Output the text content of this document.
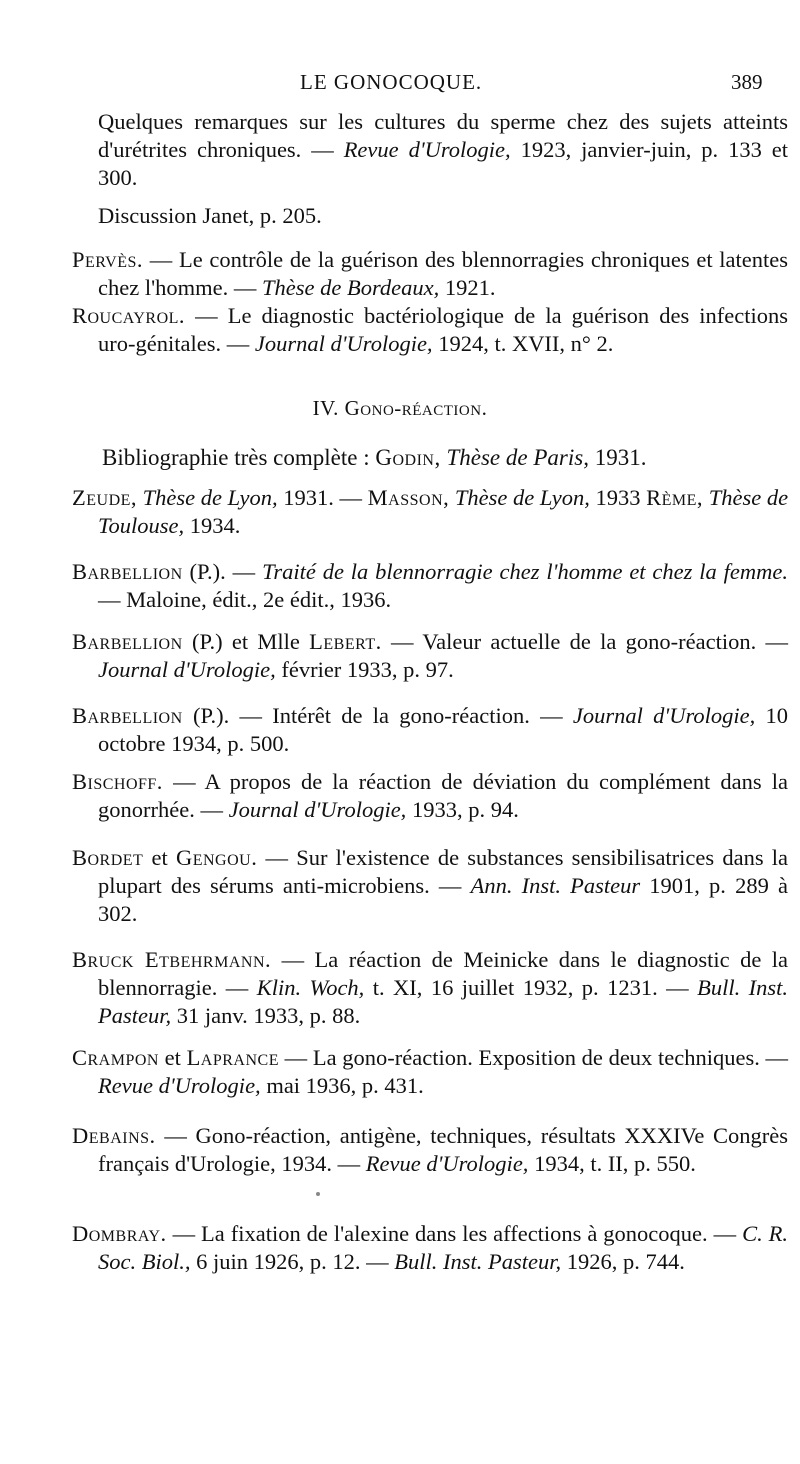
LE GONOCOQUE.	389

Quelques remarques sur les cultures du sperme chez des sujets atteints d'urétrites chroniques. — Revue d'Urologie, 1923, janvier-juin, p. 133 et 300.

Discussion Janet, p. 205.

Pervès. — Le contrôle de la guérison des blennorragies chroniques et latentes chez l'homme. — Thèse de Bordeaux, 1921.

Roucayrol. — Le diagnostic bactériologique de la guérison des infections uro-génitales. — Journal d'Urologie, 1924, t. XVII, n° 2.

IV. Gono-réaction.

Bibliographie très complète : Godin, Thèse de Paris, 1931.

Zeude, Thèse de Lyon, 1931. — Masson, Thèse de Lyon, 1933 Rème, Thèse de Toulouse, 1934.

Barbellion (P.). — Traité de la blennorragie chez l'homme et chez la femme. — Maloine, édit., 2e édit., 1936.

Barbellion (P.) et Mlle Lebert. — Valeur actuelle de la gono-réaction. — Journal d'Urologie, février 1933, p. 97.

Barbellion (P.). — Intérêt de la gono-réaction. — Journal d'Urologie, 10 octobre 1934, p. 500.

Bischoff. — A propos de la réaction de déviation du complément dans la gonorrhée. — Journal d'Urologie, 1933, p. 94.

Bordet et Gengou. — Sur l'existence de substances sensibilisatrices dans la plupart des sérums anti-microbiens. — Ann. Inst. Pasteur 1901, p. 289 à 302.

Bruck Etbehrmann. — La réaction de Meinicke dans le diagnostic de la blennorragie. — Klin. Woch, t. XI, 16 juillet 1932, p. 1231. — Bull. Inst. Pasteur, 31 janv. 1933, p. 88.

Crampon et Laprance — La gono-réaction. Exposition de deux techniques. — Revue d'Urologie, mai 1936, p. 431.

Debains. — Gono-réaction, antigène, techniques, résultats XXXIVe Congrès français d'Urologie, 1934. — Revue d'Urologie, 1934, t. II, p. 550.

Dombray. — La fixation de l'alexine dans les affections à gonocoque. — C. R. Soc. Biol., 6 juin 1926, p. 12. — Bull. Inst. Pasteur, 1926, p. 744.
